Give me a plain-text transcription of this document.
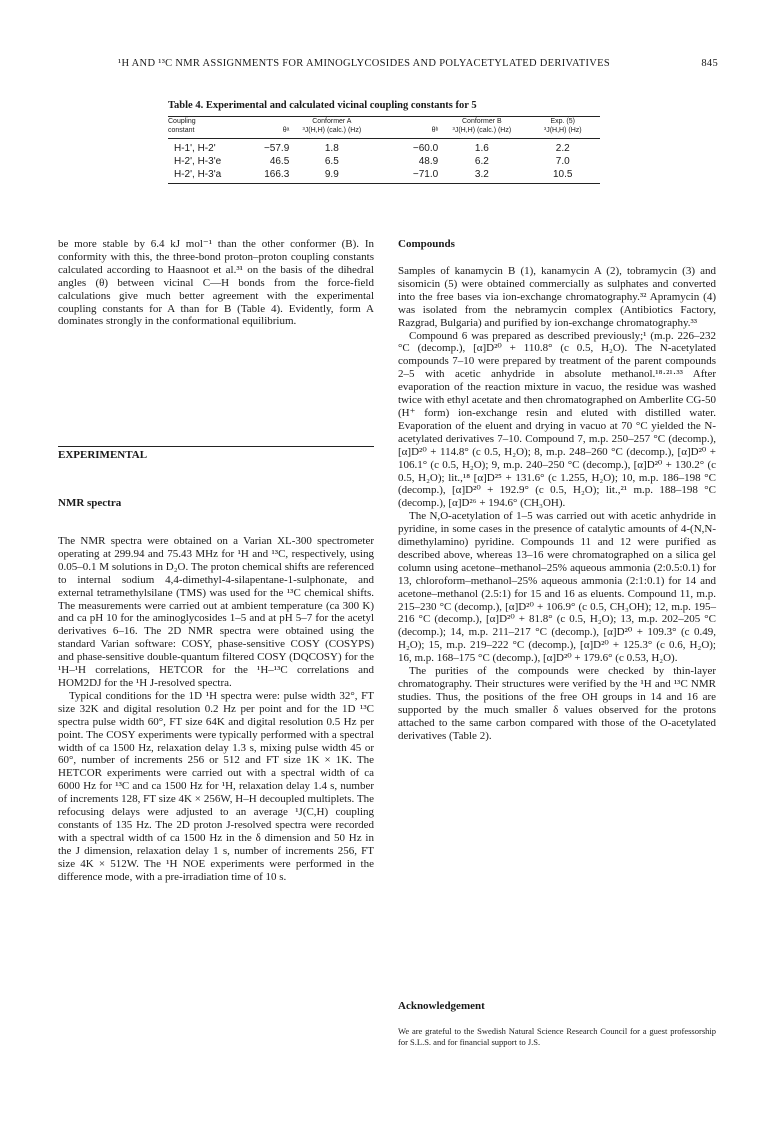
¹H AND ¹³C NMR ASSIGNMENTS FOR AMINOGLYCOSIDES AND POLYACETYLATED DERIVATIVES	845
Table 4. Experimental and calculated vicinal coupling constants for 5
Coupling		Conformer A		Conformer B	Exp. (5)
constant	θᵃ	³J(H,H) (calc.) (Hz)	θᵇ	³J(H,H) (calc.) (Hz)	³J(H,H) (Hz)
H-1', H-2'	−57.9	1.8	−60.0	1.6	2.2
H-2', H-3'e	46.5	6.5	48.9	6.2	7.0
H-2', H-3'a	166.3	9.9	−71.0	3.2	10.5

be more stable by 6.4 kJ mol⁻¹ than the other conformer (B). In conformity with this, the three-bond proton–proton coupling constants calculated according to Haasnoot et al.³¹ on the basis of the dihedral angles (θ) between vicinal C—H bonds from the force-field calculations give much better agreement with the experimental coupling constants for A than for B (Table 4). Evidently, form A dominates strongly in the conformational equilibrium.

EXPERIMENTAL
NMR spectra

The NMR spectra were obtained on a Varian XL-300 spectrometer operating at 299.94 and 75.43 MHz for ¹H and ¹³C, respectively, using 0.05–0.1 M solutions in D₂O. The proton chemical shifts are referenced to internal sodium 4,4-dimethyl-4-silapentane-1-sulphonate, and external tetramethylsilane (TMS) was used for the ¹³C chemical shifts. The measurements were carried out at ambient temperature (ca 300 K) and ca pH 10 for the aminoglycosides 1–5 and at pH 5–7 for the acetyl derivatives 6–16. The 2D NMR spectra were obtained using the standard Varian software: COSY, phase-sensitive COSY (COSYPS) and phase-sensitive double-quantum filtered COSY (DQCOSY) for the ¹H–¹H correlations, HETCOR for the ¹H–¹³C correlations and HOM2DJ for the ¹H J-resolved spectra.

Typical conditions for the 1D ¹H spectra were: pulse width 32°, FT size 32K and digital resolution 0.2 Hz per point and for the 1D ¹³C spectra pulse width 60°, FT size 64K and digital resolution 0.5 Hz per point. The COSY experiments were typically performed with a spectral width of ca 1500 Hz, relaxation delay 1.3 s, mixing pulse width 45 or 60°, number of increments 256 or 512 and FT size 1K × 1K. The HETCOR experiments were carried out with a spectral width of ca 6000 Hz for ¹³C and ca 1500 Hz for ¹H, relaxation delay 1.4 s, number of increments 128, FT size 4K × 256W, H–H decoupled multiplets. The refocusing delays were adjusted to an average ¹J(C,H) coupling constants of 135 Hz. The 2D proton J-resolved spectra were recorded with a spectral width of ca 1500 Hz in the δ dimension and 50 Hz in the J dimension, relaxation delay 1 s, number of increments 256, FT size 4K × 512W. The ¹H NOE experiments were performed in the difference mode, with a pre-irradiation time of 10 s.

Compounds

Samples of kanamycin B (1), kanamycin A (2), tobramycin (3) and sisomicin (5) were obtained commercially as sulphates and converted into the free bases via ion-exchange chromatography.³² Apramycin (4) was isolated from the nebramycin complex (Antibiotics Factory, Razgrad, Bulgaria) and purified by ion-exchange chromatography.³³

Compound 6 was prepared as described previously;¹ (m.p. 226–232 °C (decomp.), [α]D²⁰ + 110.8° (c 0.5, H₂O). The N-acetylated compounds 7–10 were prepared by treatment of the parent compounds 2–5 with acetic anhydride in absolute methanol.¹⁸·²¹·³³ After evaporation of the reaction mixture in vacuo, the residue was washed twice with ethyl acetate and then chromatographed on Amberlite CG-50 (H⁺ form) ion-exchange resin and eluted with distilled water. Evaporation of the eluent and drying in vacuo at 70 °C yielded the N-acetylated derivatives 7–10. Compound 7, m.p. 250–257 °C (decomp.), [α]D²⁰ + 114.8° (c 0.5, H₂O); 8, m.p. 248–260 °C (decomp.), [α]D²⁰ + 106.1° (c 0.5, H₂O); 9, m.p. 240–250 °C (decomp.), [α]D²⁰ + 130.2° (c 0.5, H₂O); lit.,¹⁸ [α]D²⁵ + 131.6° (c 1.255, H₂O); 10, m.p. 186–198 °C (decomp.), [α]D²⁰ + 192.9° (c 0.5, H₂O); lit.,²¹ m.p. 188–198 °C (decomp.), [α]D²⁶ + 194.6° (CH₃OH).

The N,O-acetylation of 1–5 was carried out with acetic anhydride in pyridine, in some cases in the presence of catalytic amounts of 4-(N,N-dimethylamino) pyridine. Compounds 11 and 12 were purified as described above, whereas 13–16 were chromatographed on a silica gel column using acetone–methanol–25% aqueous ammonia (2:0.5:0.1) for 13, chloroform–methanol–25% aqueous ammonia (2:1:0.1) for 14 and acetone–methanol (2.5:1) for 15 and 16 as eluents. Compound 11, m.p. 215–230 °C (decomp.), [α]D²⁰ + 106.9° (c 0.5, CH₃OH); 12, m.p. 195–216 °C (decomp.), [α]D²⁰ + 81.8° (c 0.5, H₂O); 13, m.p. 202–205 °C (decomp.); 14, m.p. 211–217 °C (decomp.), [α]D²⁰ + 109.3° (c 0.49, H₂O); 15, m.p. 219–222 °C (decomp.), [α]D²⁰ + 125.3° (c 0.6, H₂O); 16, m.p. 168–175 °C (decomp.), [α]D²⁰ + 179.6° (c 0.53, H₂O).

The purities of the compounds were checked by thin-layer chromatography. Their structures were verified by the ¹H and ¹³C NMR studies. Thus, the positions of the free OH groups in 14 and 16 are supported by the much smaller δ values observed for the protons attached to the same carbon compared with those of the O-acetylated derivatives (Table 2).

Acknowledgement
We are grateful to the Swedish Natural Science Research Council for a guest professorship for S.L.S. and for financial support to J.S.
